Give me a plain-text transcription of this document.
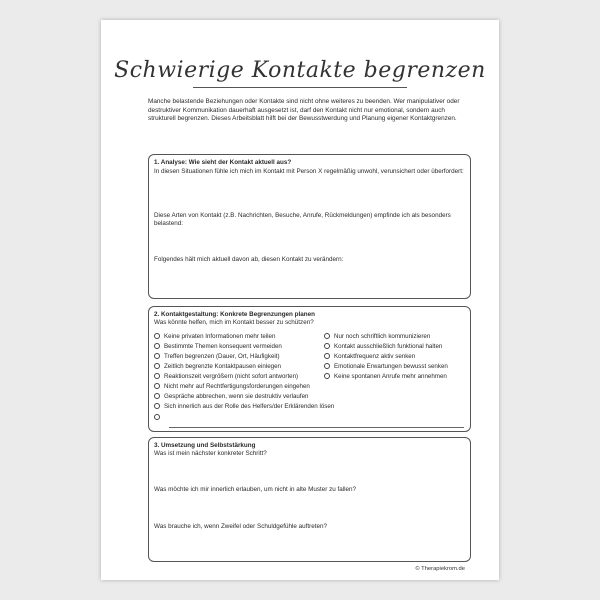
Schwierige Kontakte begrenzen
Manche belastende Beziehungen oder Kontakte sind nicht ohne weiteres zu beenden. Wer manipulativer oder destruktiver Kommunikation dauerhaft ausgesetzt ist, darf den Kontakt nicht nur emotional, sondern auch strukturell begrenzen. Dieses Arbeitsblatt hilft bei der Bewusstwerdung und Planung eigener Kontaktgrenzen.
1. Analyse: Wie sieht der Kontakt aktuell aus?
In diesen Situationen fühle ich mich im Kontakt mit Person X regelmäßig unwohl, verunsichert oder überfordert:
Diese Arten von Kontakt (z.B. Nachrichten, Besuche, Anrufe, Rückmeldungen) empfinde ich als besonders belastend:
Folgendes hält mich aktuell davon ab, diesen Kontakt zu verändern:
2. Kontaktgestaltung: Konkrete Begrenzungen planen
Was könnte helfen, mich im Kontakt besser zu schützen?
Keine privaten Informationen mehr teilen
Bestimmte Themen konsequent vermeiden
Treffen begrenzen (Dauer, Ort, Häufigkeit)
Zeitlich begrenzte Kontaktpausen einlegen
Reaktionszeit vergrößern (nicht sofort antworten)
Nicht mehr auf Rechtfertigungsforderungen eingehen
Gespräche abbrechen, wenn sie destruktiv verlaufen
Sich innerlich aus der Rolle des Helfers/der Erklärenden lösen
Nur noch schriftlich kommunizieren
Kontakt ausschließlich funktional halten
Kontaktfrequenz aktiv senken
Emotionale Erwartungen bewusst senken
Keine spontanen Anrufe mehr annehmen
3. Umsetzung und Selbststärkung
Was ist mein nächster konkreter Schritt?
Was möchte ich mir innerlich erlauben, um nicht in alte Muster zu fallen?
Was brauche ich, wenn Zweifel oder Schuldgefühle auftreten?
© Therapiekrom.de
